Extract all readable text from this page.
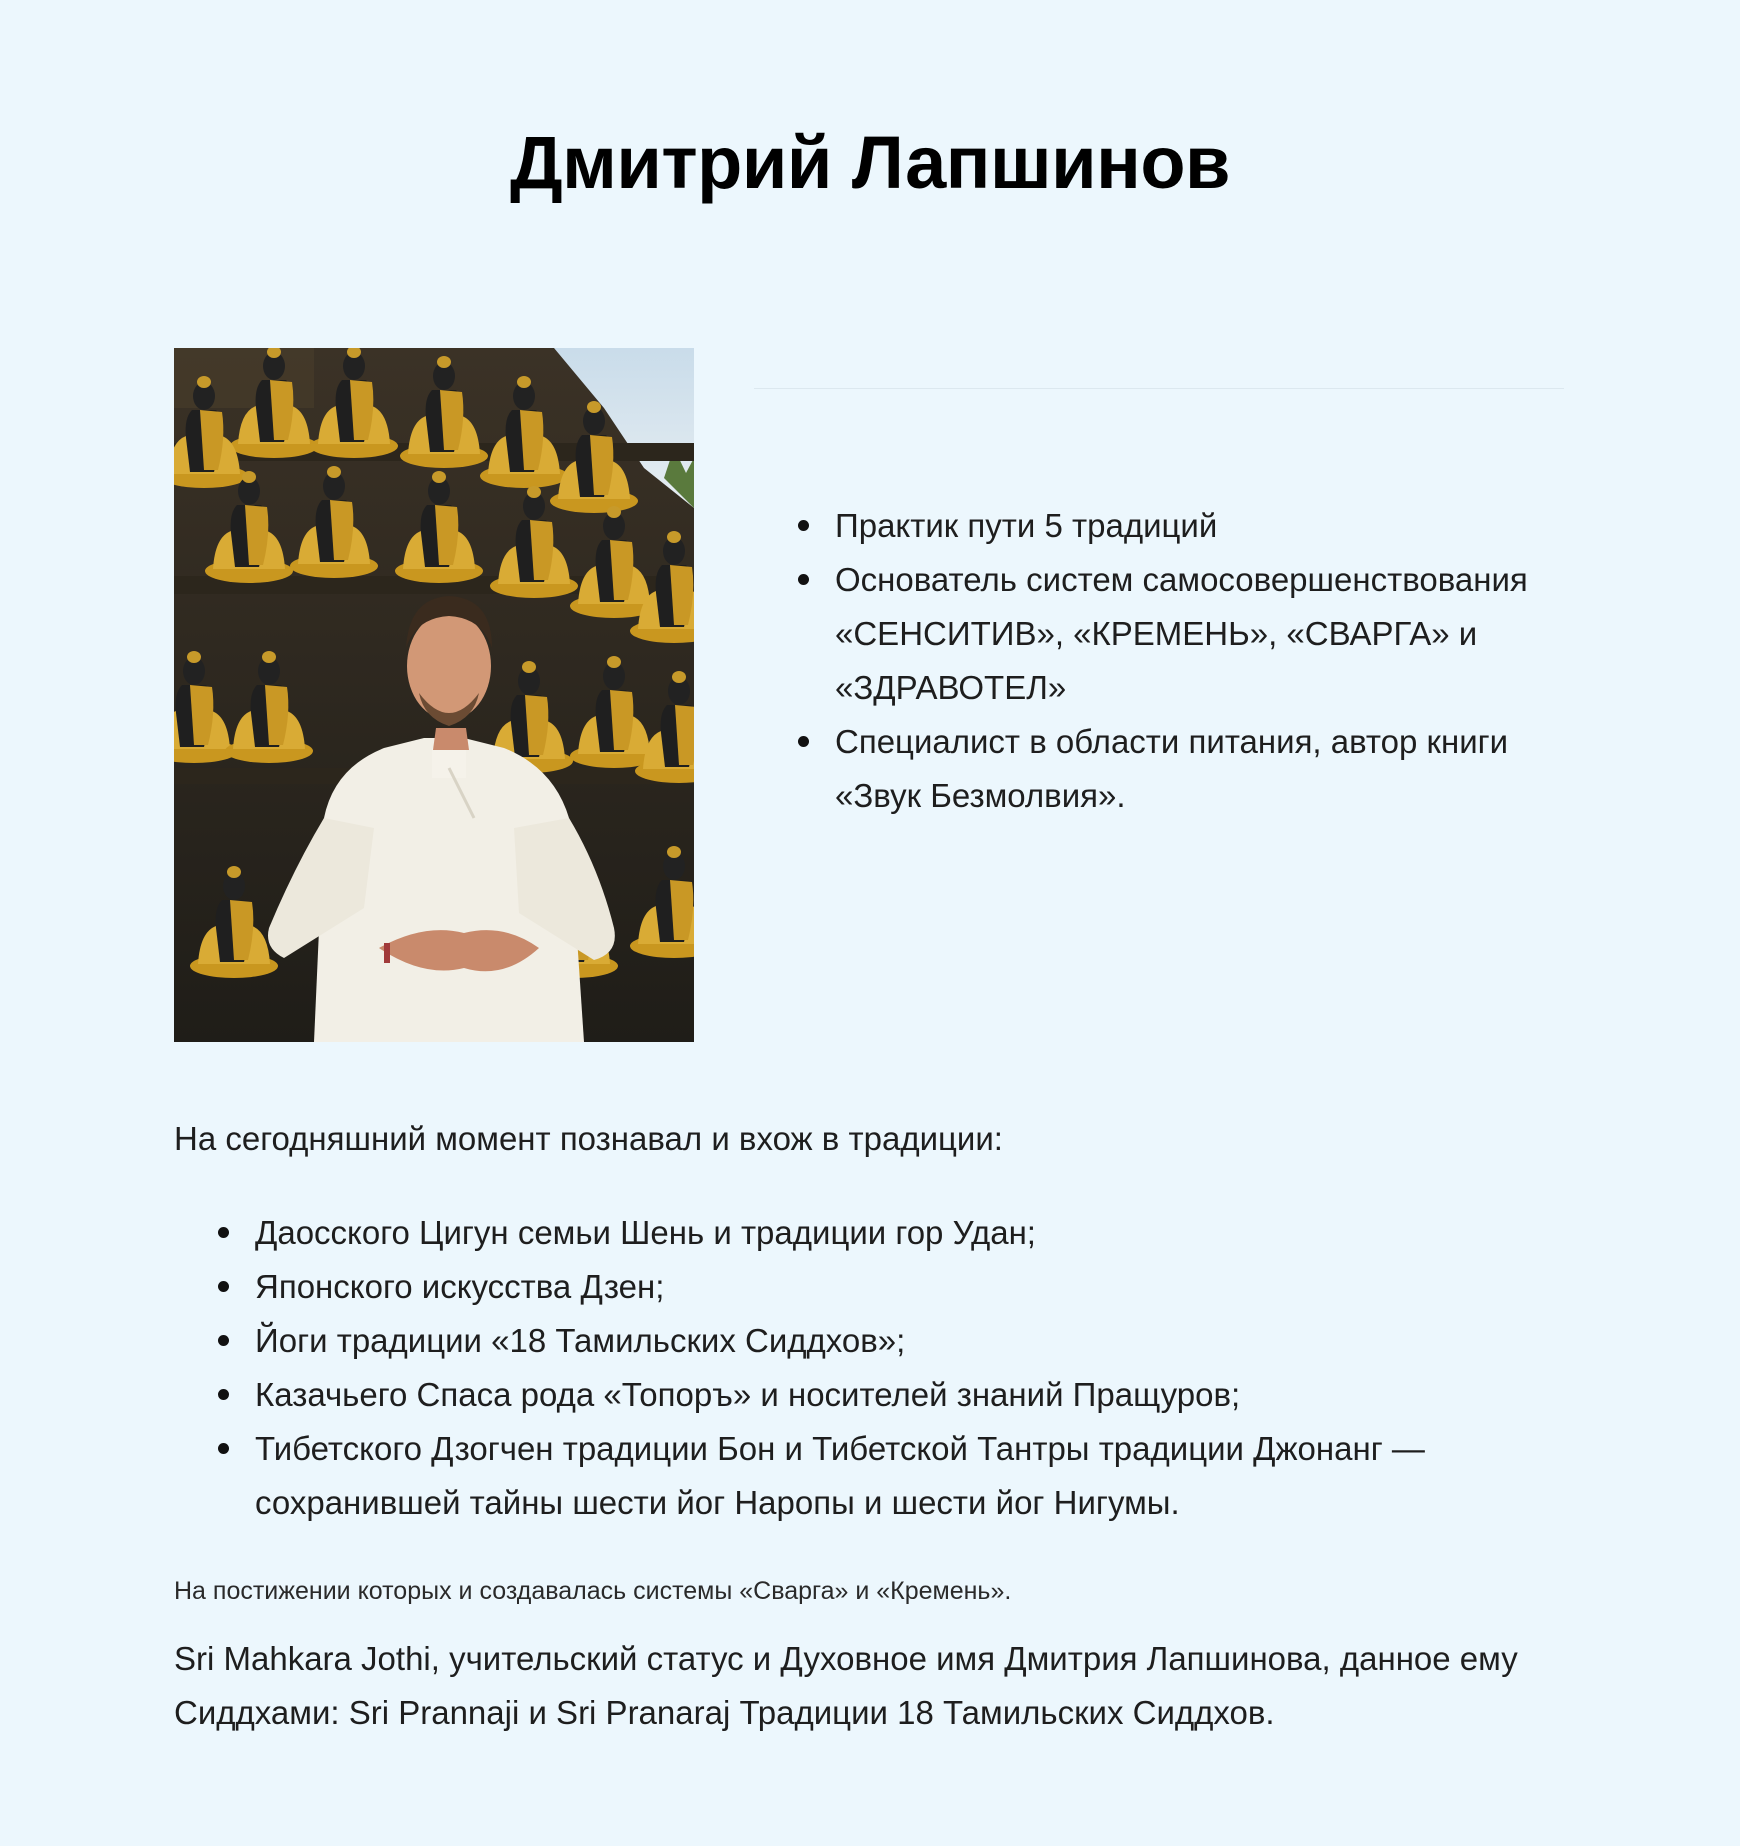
Дмитрий Лапшинов
Практик пути 5 традиций
Основатель систем самосовершенствования «СЕНСИТИВ», «КРЕМЕНЬ», «СВАРГА» и «ЗДРАВОТЕЛ»
Специалист в области питания, автор книги «Звук Безмолвия».

На сегодняшний момент познавал и вхож в традиции:

Даосского Цигун семьи Шень и традиции гор Удан;
Японского искусства Дзен;
Йоги традиции «18 Тамильских Сиддхов»;
Казачьего Спаса рода «Топоръ» и носителей знаний Пращуров;
Тибетского Дзогчен традиции Бон и Тибетской Тантры традиции Джонанг — сохранившей тайны шести йог Наропы и шести йог Нигумы.

На постижении которых и создавалась системы «Сварга» и «Кремень».

Sri Mahkara Jothi, учительский статус и Духовное имя Дмитрия Лапшинова, данное ему Сиддхами: Sri Prannaji и Sri Pranaraj Традиции 18 Тамильских Сиддхов.
